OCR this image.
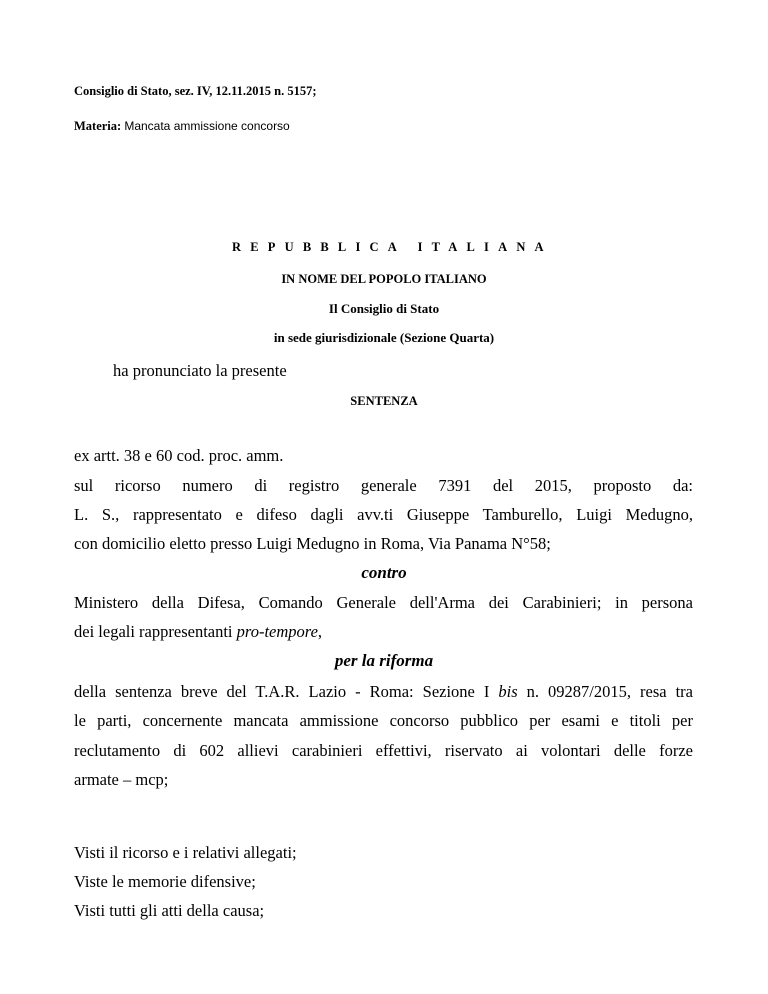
Consiglio di Stato, sez. IV, 12.11.2015 n. 5157;
Materia: Mancata ammissione concorso
REPUBBLICA ITALIANA
IN NOME DEL POPOLO ITALIANO
Il Consiglio di Stato
in sede giurisdizionale (Sezione Quarta)
ha pronunciato la presente
SENTENZA
ex artt. 38 e 60 cod. proc. amm.
sul ricorso numero di registro generale 7391 del 2015, proposto da:
L. S., rappresentato e difeso dagli avv.ti Giuseppe Tamburello, Luigi Medugno,
con domicilio eletto presso Luigi Medugno in Roma, Via Panama N°58;
contro
Ministero della Difesa, Comando Generale dell'Arma dei Carabinieri; in persona
dei legali rappresentanti pro-tempore,
per la riforma
della sentenza breve del T.A.R. Lazio - Roma: Sezione I bis n. 09287/2015, resa tra
le parti, concernente mancata ammissione concorso pubblico per esami e titoli per
reclutamento di 602 allievi carabinieri effettivi, riservato ai volontari delle forze
armate – mcp;
Visti il ricorso e i relativi allegati;
Viste le memorie difensive;
Visti tutti gli atti della causa;
